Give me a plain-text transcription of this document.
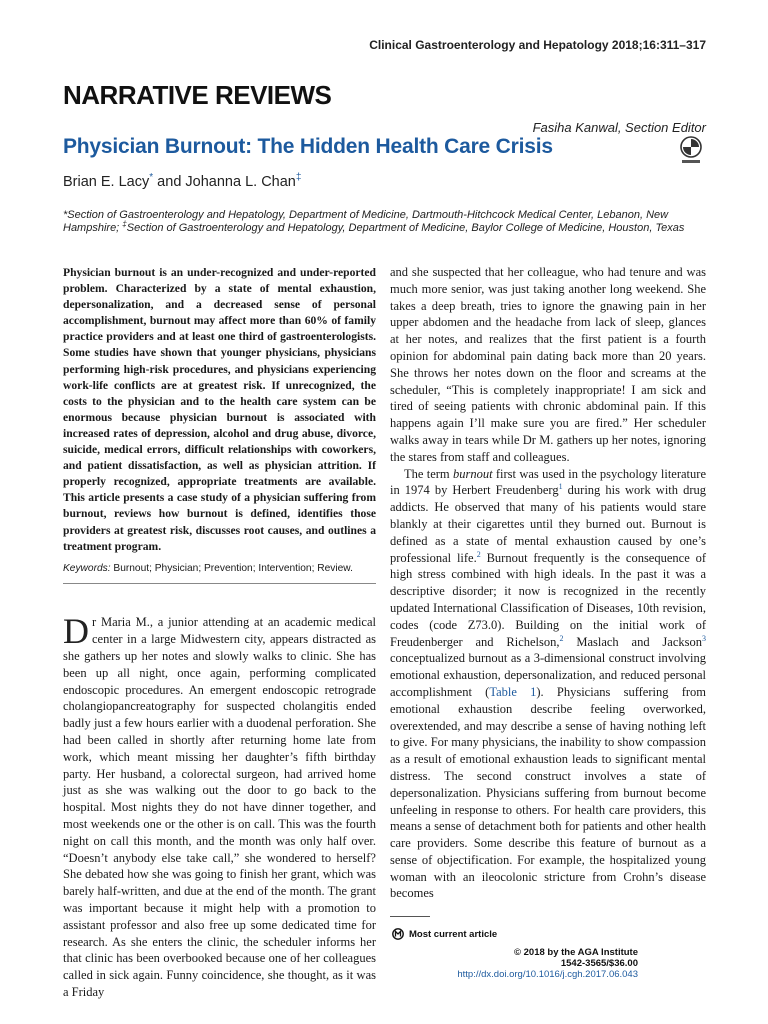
Clinical Gastroenterology and Hepatology 2018;16:311–317
NARRATIVE REVIEWS
Fasiha Kanwal, Section Editor
Physician Burnout: The Hidden Health Care Crisis
Brian E. Lacy* and Johanna L. Chan‡
*Section of Gastroenterology and Hepatology, Department of Medicine, Dartmouth-Hitchcock Medical Center, Lebanon, New Hampshire; ‡Section of Gastroenterology and Hepatology, Department of Medicine, Baylor College of Medicine, Houston, Texas

Physician burnout is an under-recognized and under-reported problem. Characterized by a state of mental exhaustion, depersonalization, and a decreased sense of personal accomplishment, burnout may affect more than 60% of family practice providers and at least one third of gastroenterologists. Some studies have shown that younger physicians, physicians performing high-risk procedures, and physicians experiencing work-life conflicts are at greatest risk. If unrecognized, the costs to the physician and to the health care system can be enormous because physician burnout is associated with increased rates of depression, alcohol and drug abuse, divorce, suicide, medical errors, difficult relationships with coworkers, and patient dissatisfaction, as well as physician attrition. If properly recognized, appropriate treatments are available. This article presents a case study of a physician suffering from burnout, reviews how burnout is defined, identifies those providers at greatest risk, discusses root causes, and outlines a treatment program.

Keywords: Burnout; Physician; Prevention; Intervention; Review.

Dr Maria M., a junior attending at an academic medical center in a large Midwestern city, appears distracted as she gathers up her notes and slowly walks to clinic. She has been up all night, once again, performing complicated endoscopic procedures. An emergent endoscopic retrograde cholangiopancreatography for suspected cholangitis ended badly just a few hours earlier with a duodenal perforation. She had been called in shortly after returning home late from work, which meant missing her daughter’s fifth birthday party. Her husband, a colorectal surgeon, had arrived home just as she was walking out the door to go back to the hospital. Most nights they do not have dinner together, and most weekends one or the other is on call. This was the fourth night on call this month, and the month was only half over. “Doesn’t anybody else take call,” she wondered to herself? She debated how she was going to finish her grant, which was barely half-written, and due at the end of the month. The grant was important because it might help with a promotion to assistant professor and also free up some dedicated time for research. As she enters the clinic, the scheduler informs her that clinic has been overbooked because one of her colleagues called in sick again. Funny coincidence, she thought, as it was a Friday

and she suspected that her colleague, who had tenure and was much more senior, was just taking another long weekend. She takes a deep breath, tries to ignore the gnawing pain in her upper abdomen and the headache from lack of sleep, glances at her notes, and realizes that the first patient is a fourth opinion for abdominal pain dating back more than 20 years. She throws her notes down on the floor and screams at the scheduler, “This is completely inappropriate! I am sick and tired of seeing patients with chronic abdominal pain. If this happens again I’ll make sure you are fired.” Her scheduler walks away in tears while Dr M. gathers up her notes, ignoring the stares from staff and colleagues.

The term burnout first was used in the psychology literature in 1974 by Herbert Freudenberg$^1$ during his work with drug addicts. He observed that many of his patients would stare blankly at their cigarettes until they burned out. Burnout is defined as a state of mental exhaustion caused by one’s professional life.$^2$ Burnout frequently is the consequence of high stress combined with high ideals. In the past it was a descriptive disorder; it now is recognized in the recently updated International Classification of Diseases, 10th revision, codes (code Z73.0). Building on the initial work of Freudenberger and Richelson,$^2$ Maslach and Jackson$^3$ conceptualized burnout as a 3-dimensional construct involving emotional exhaustion, depersonalization, and reduced personal accomplishment (Table 1). Physicians suffering from emotional exhaustion describe feeling overworked, overextended, and may describe a sense of having nothing left to give. For many physicians, the inability to show compassion as a result of emotional exhaustion leads to significant mental distress. The second construct involves a state of depersonalization. Physicians suffering from burnout become unfeeling in response to others. For health care providers, this means a sense of detachment both for patients and other health care providers. Some describe this feature of burnout as a sense of objectification. For example, the hospitalized young woman with an ileocolonic stricture from Crohn’s disease becomes

Most current article
© 2018 by the AGA Institute
1542-3565/$36.00
http://dx.doi.org/10.1016/j.cgh.2017.06.043
